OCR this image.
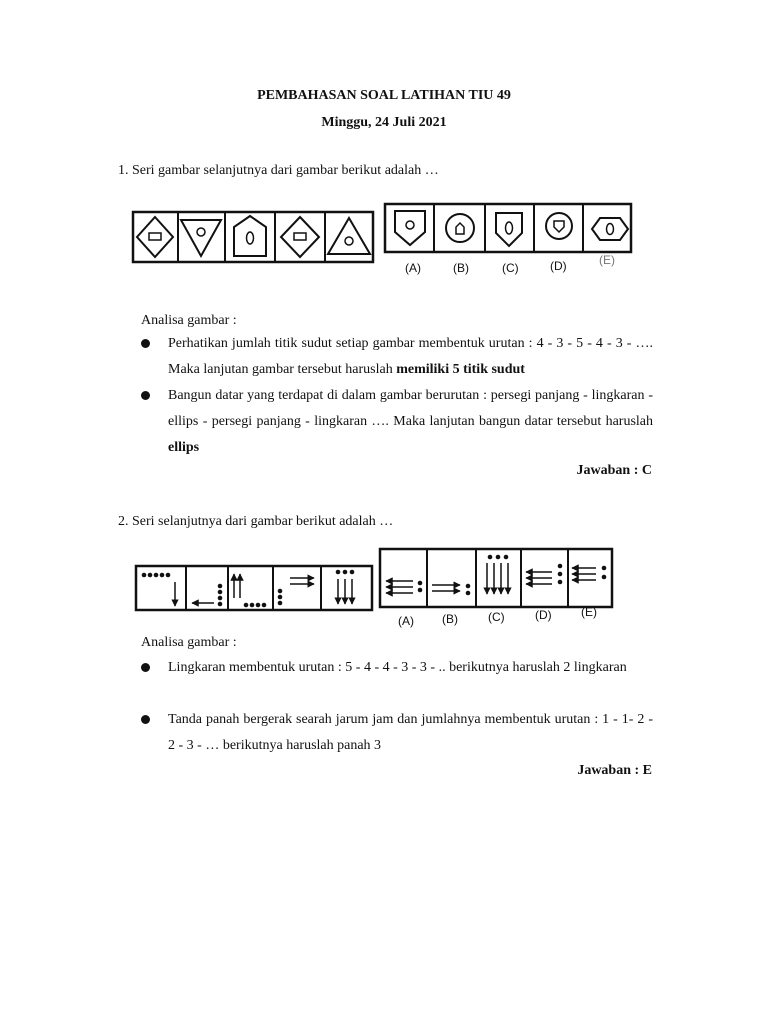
PEMBAHASAN SOAL LATIHAN TIU 49
Minggu, 24 Juli 2021
1. Seri gambar selanjutnya dari gambar berikut adalah …
(A)	(B)	(C)	(D)	(E)
Analisa gambar :
Perhatikan jumlah titik sudut setiap gambar membentuk urutan : 4 - 3 - 5 - 4 - 3 - …. Maka lanjutan gambar tersebut haruslah memiliki 5 titik sudut
Bangun datar yang terdapat di dalam gambar berurutan : persegi panjang - lingkaran - ellips - persegi panjang - lingkaran …. Maka lanjutan bangun datar tersebut haruslah ellips
Jawaban : C
2. Seri selanjutnya dari gambar berikut adalah …
(A) (B)	(C)	(D) (E)
Analisa gambar :
Lingkaran membentuk urutan : 5 - 4 - 4 - 3 - 3 - .. berikutnya haruslah 2 lingkaran
Tanda panah bergerak searah jarum jam dan jumlahnya membentuk urutan : 1 - 1- 2 - 2 - 3 - … berikutnya haruslah panah 3
Jawaban : E
